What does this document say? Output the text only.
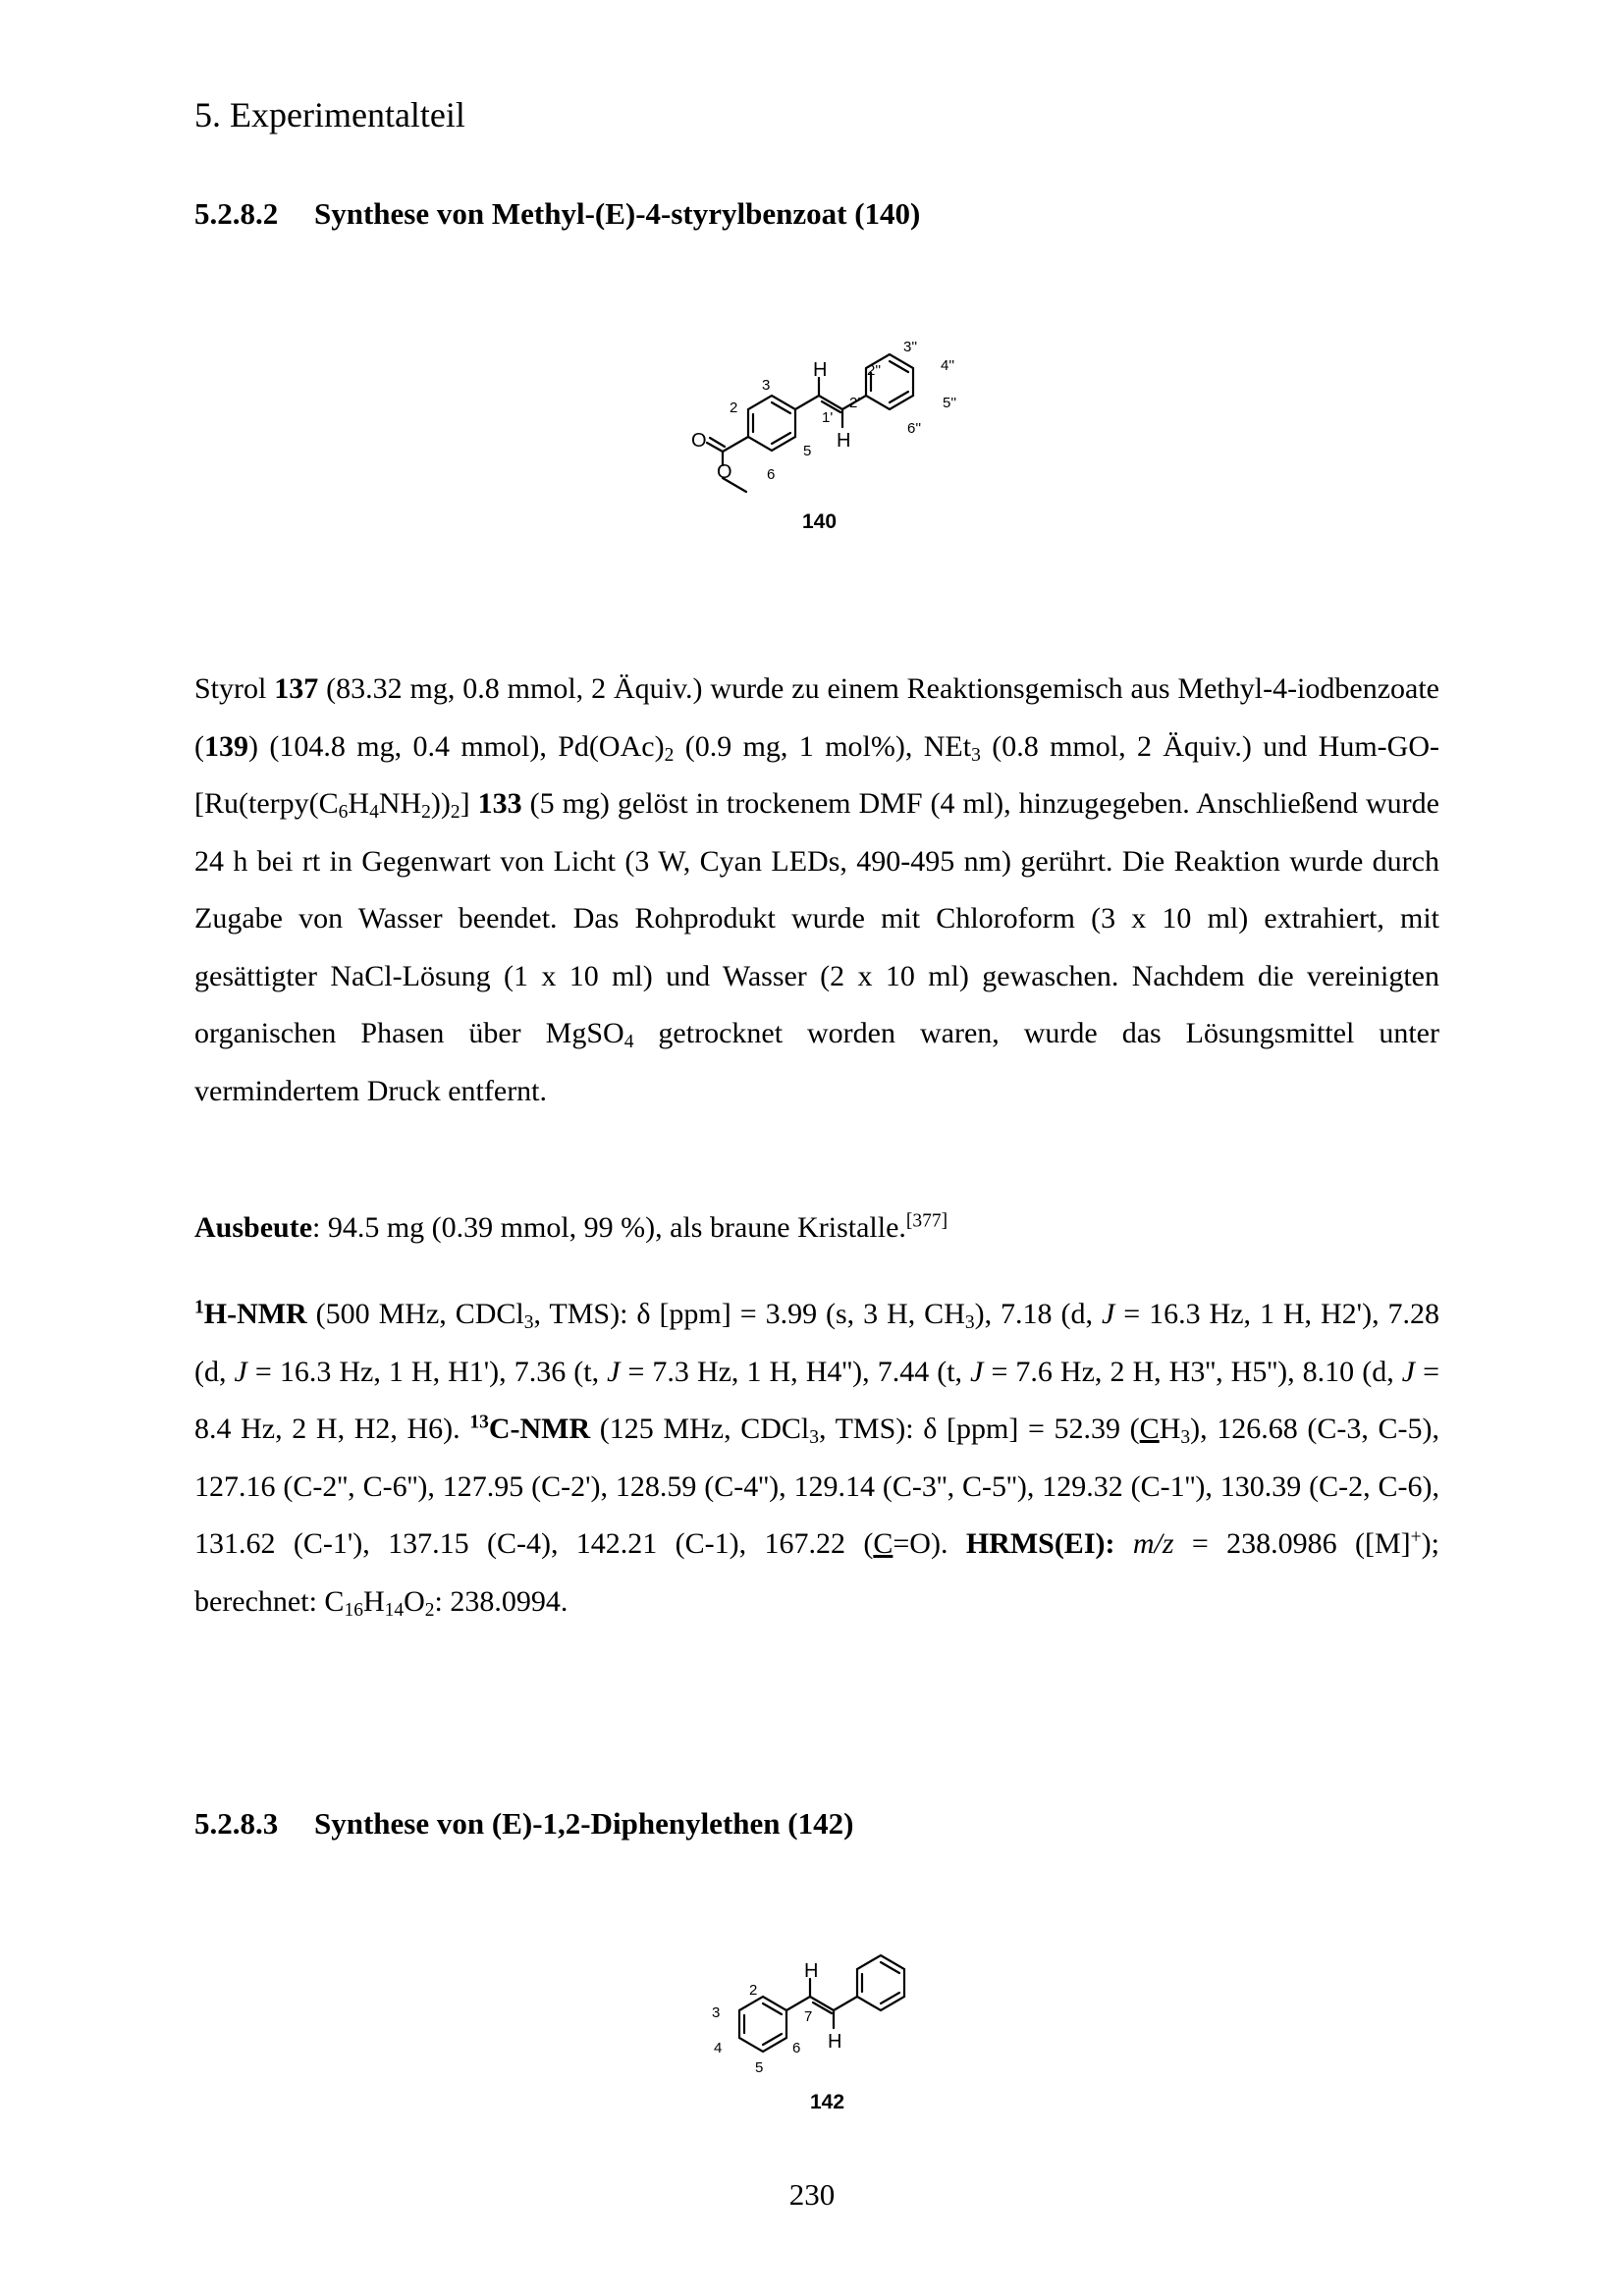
5. Experimentalteil
5.2.8.2 Synthese von Methyl-(E)-4-styrylbenzoat (140)
H
H
O
O
2
3
5
6
1'
2'
2''
3''
4''
5''
6''
140

Styrol 137 (83.32 mg, 0.8 mmol, 2 Äquiv.) wurde zu einem Reaktionsgemisch aus Methyl-4-iodbenzoate (139) (104.8 mg, 0.4 mmol), $Pd(OAc)_2$ (0.9 mg, 1 mol%), NEt$_3$ (0.8 mmol, 2 Äquiv.) und Hum-$GO-[Ru(terpy(C_6H_4NH_2))_2]$ 133 (5 mg) gelöst in trockenem DMF (4 ml), hinzugegeben. Anschließend wurde 24 h bei rt in Gegenwart von Licht (3 W, Cyan LEDs, 490-495 nm) gerührt. Die Reaktion wurde durch Zugabe von Wasser beendet. Das Rohprodukt wurde mit Chloroform (3 x 10 ml) extrahiert, mit gesättigter NaCl-Lösung (1 x 10 ml) und Wasser (2 x 10 ml) gewaschen. Nachdem die vereinigten organischen Phasen über MgSO$_4$ getrocknet worden waren, wurde das Lösungsmittel unter vermindertem Druck entfernt.

Ausbeute: 94.5 mg (0.39 mmol, 99 %), als braune Kristalle.[377]

$^1$H-NMR (500 MHz, CDCl$_3$, TMS): δ [ppm] = 3.99 (s, 3 H, $CH_3$), 7.18 (d, J = 16.3 Hz, 1 H, H2'), 7.28 (d, J = 16.3 Hz, 1 H, H1'), 7.36 (t, J = 7.3 Hz, 1 H, H4''), 7.44 (t, J = 7.6 Hz, 2 H, H3'', H5''), 8.10 (d, J = 8.4 Hz, 2 H, H2, H6). $^{13}$C-NMR (125 MHz, CDCl$_3$, TMS): δ [ppm] = 52.39 $(CH_3)$, 126.68 (C-3, C-5), 127.16 (C-2'', C-6''), 127.95 (C-2'), 128.59 (C-4''), 129.14 (C-3'', C-5''), 129.32 (C-1''), 130.39 (C-2, C-6), 131.62 (C-1'), 137.15 (C-4), 142.21 (C-1), 167.22 (C=O). HRMS(EI): m/z = 238.0986 ([M]+); berechnet: $C_{16}H_{14}O_2$: 238.0994.

5.2.8.3 Synthese von (E)-1,2-Diphenylethen (142)
H
H
2
3
4
5
6
7
142
230
